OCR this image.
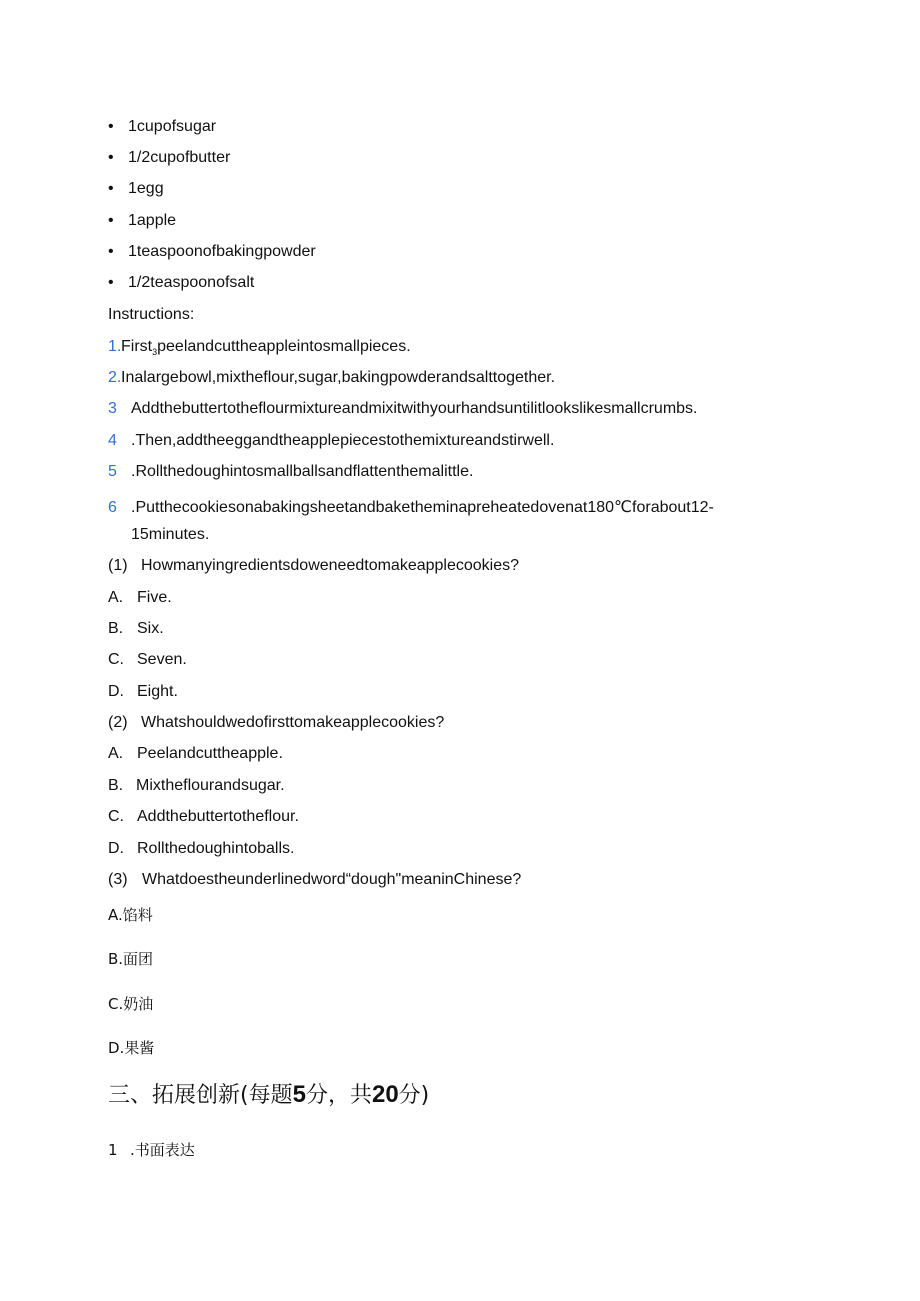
• 1cupofsugar
• 1/2cupofbutter
• 1egg
• 1apple
• 1teaspoonofbakingpowder
• 1/2teaspoonofsalt
Instructions:
1. First$_3$peelandcuttheappleintosmallpieces.
2. Inalargebowl,mixtheflour,sugar,bakingpowderandsalttogether.
3 Addthebuttertotheflourmixtureandmixitwithyourhandsuntilitlookslikesmallcrumbs.
4 .Then,addtheeggandtheapplepiecestothemixtureandstirwell.
5 .Rollthedoughintosmallballsandflattenthemalittle.
6 .Putthecookiesonabakingsheetandbaketheminapreheatedovenat180℃forabout12-
15minutes.
(1) Howmanyingredientsdoweneedtomakeapplecookies?
A. Five.
B. Six.
C. Seven.
D. Eight.
(2) Whatshouldwedofirsttomakeapplecookies?
A. Peelandcuttheapple.
B. Mixtheflourandsugar.
C. Addthebuttertotheflour.
D. Rollthedoughintoballs.
(3) Whatdoestheunderlinedword“dough"meaninChinese?
A.馅料
B.面团
C.奶油
D.果酱
三、拓展创新(每题5分，共20分)
1 .书面表达
